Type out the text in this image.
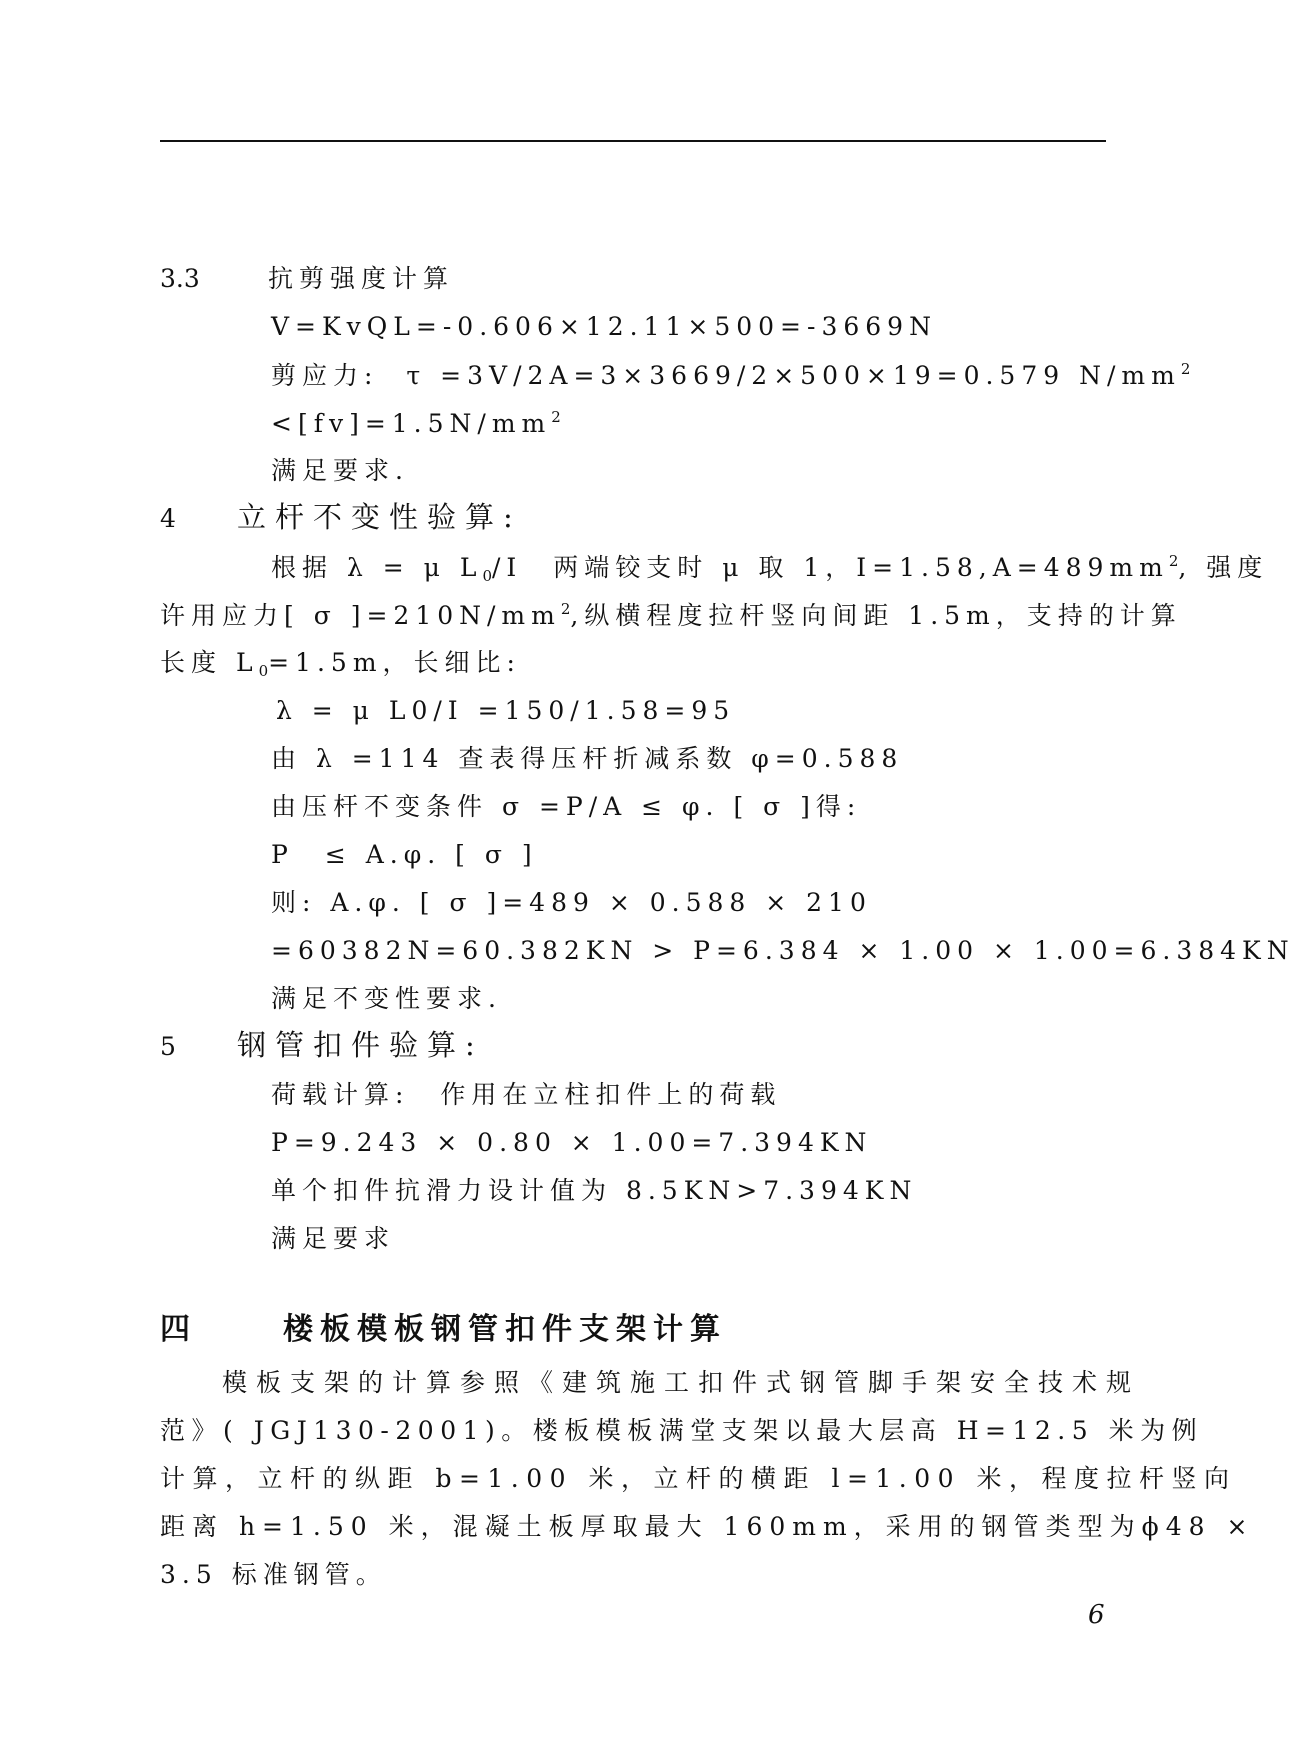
3.3	抗剪强度计算
V=KvQL=-0.606×12.11×500=-3669N
剪应力: τ =3V/2A=3×3669/2×500×19=0.579 $N/mm^2$
$<[fv]=1.5N/mm^2$
满足要求.
4 立杆不变性验算:
根据 λ = μ $L_0/I$　两端铰支时 μ 取 1，$I=1.58,A=489mm^2$, 强度
许用应力[ σ ]$=210N/mm^2$,纵横程度拉杆竖向间距 1.5m，支持的计算
长度 $L_0=1.5m$，长细比:
λ = μ L0/I =150/1.58=95
由 λ =114 查表得压杆折减系数 φ=0.588
由压杆不变条件 σ =P/A ≤ φ. [ σ ]得:
P　≤ A.φ. [ σ ]
则: A.φ. [ σ ]=489 × 0.588 × 210
=60382N=60.382KN > P=6.384 × 1.00 × 1.00=6.384KN
满足不变性要求.
5 钢管扣件验算:
荷载计算:　作用在立柱扣件上的荷载
P=9.243 × 0.80 × 1.00=7.394KN
单个扣件抗滑力设计值为 8.5KN>7.394KN
满足要求
四	楼板模板钢管扣件支架计算
模板支架的计算参照《建筑施工扣件式钢管脚手架安全技术规
范》( JGJ130-2001)。楼板模板满堂支架以最大层高 H=12.5 米为例
计算，立杆的纵距 b=1.00 米，立杆的横距 l=1.00 米，程度拉杆竖向
距离 h=1.50 米，混凝土板厚取最大 160mm，采用的钢管类型为ϕ48 ×
3.5 标准钢管。
6
